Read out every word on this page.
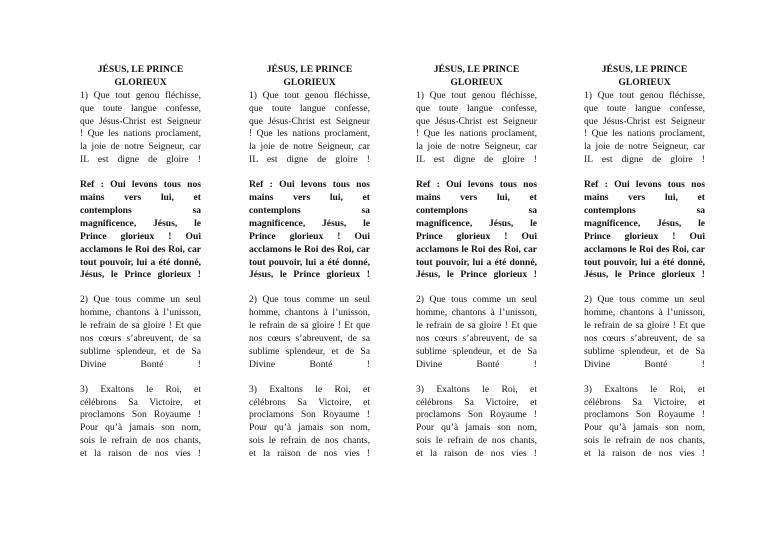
JÉSUS, LE PRINCE
GLORIEUX
1) Que tout genou fléchisse,
que toute langue confesse,
que Jésus-Christ est Seigneur
! Que les nations proclament,
la joie de notre Seigneur, car
IL est digne de gloire !
Ref : Oui levons tous nos
mains vers lui, et
contemplons sa
magnificence, Jésus, le
Prince glorieux ! Oui
acclamons le Roi des Roi, car
tout pouvoir, lui a été donné,
Jésus, le Prince glorieux !
2) Que tous comme un seul
homme, chantons à l’unisson,
le refrain de sa gloire ! Et que
nos cœurs s’abreuvent, de sa
sublime splendeur, et de Sa
Divine Bonté !
3) Exaltons le Roi, et
célébrons Sa Victoire, et
proclamons Son Royaume !
Pour qu’à jamais son nom,
sois le refrain de nos chants,
et la raison de nos vies !
JÉSUS, LE PRINCE
GLORIEUX
1) Que tout genou fléchisse,
que toute langue confesse,
que Jésus-Christ est Seigneur
! Que les nations proclament,
la joie de notre Seigneur, car
IL est digne de gloire !
Ref : Oui levons tous nos
mains vers lui, et
contemplons sa
magnificence, Jésus, le
Prince glorieux ! Oui
acclamons le Roi des Roi, car
tout pouvoir, lui a été donné,
Jésus, le Prince glorieux !
2) Que tous comme un seul
homme, chantons à l’unisson,
le refrain de sa gloire ! Et que
nos cœurs s’abreuvent, de sa
sublime splendeur, et de Sa
Divine Bonté !
3) Exaltons le Roi, et
célébrons Sa Victoire, et
proclamons Son Royaume !
Pour qu’à jamais son nom,
sois le refrain de nos chants,
et la raison de nos vies !
JÉSUS, LE PRINCE
GLORIEUX
1) Que tout genou fléchisse,
que toute langue confesse,
que Jésus-Christ est Seigneur
! Que les nations proclament,
la joie de notre Seigneur, car
IL est digne de gloire !
Ref : Oui levons tous nos
mains vers lui, et
contemplons sa
magnificence, Jésus, le
Prince glorieux ! Oui
acclamons le Roi des Roi, car
tout pouvoir, lui a été donné,
Jésus, le Prince glorieux !
2) Que tous comme un seul
homme, chantons à l’unisson,
le refrain de sa gloire ! Et que
nos cœurs s’abreuvent, de sa
sublime splendeur, et de Sa
Divine Bonté !
3) Exaltons le Roi, et
célébrons Sa Victoire, et
proclamons Son Royaume !
Pour qu’à jamais son nom,
sois le refrain de nos chants,
et la raison de nos vies !
JÉSUS, LE PRINCE
GLORIEUX
1) Que tout genou fléchisse,
que toute langue confesse,
que Jésus-Christ est Seigneur
! Que les nations proclament,
la joie de notre Seigneur, car
IL est digne de gloire !
Ref : Oui levons tous nos
mains vers lui, et
contemplons sa
magnificence, Jésus, le
Prince glorieux ! Oui
acclamons le Roi des Roi, car
tout pouvoir, lui a été donné,
Jésus, le Prince glorieux !
2) Que tous comme un seul
homme, chantons à l’unisson,
le refrain de sa gloire ! Et que
nos cœurs s’abreuvent, de sa
sublime splendeur, et de Sa
Divine Bonté !
3) Exaltons le Roi, et
célébrons Sa Victoire, et
proclamons Son Royaume !
Pour qu’à jamais son nom,
sois le refrain de nos chants,
et la raison de nos vies !
